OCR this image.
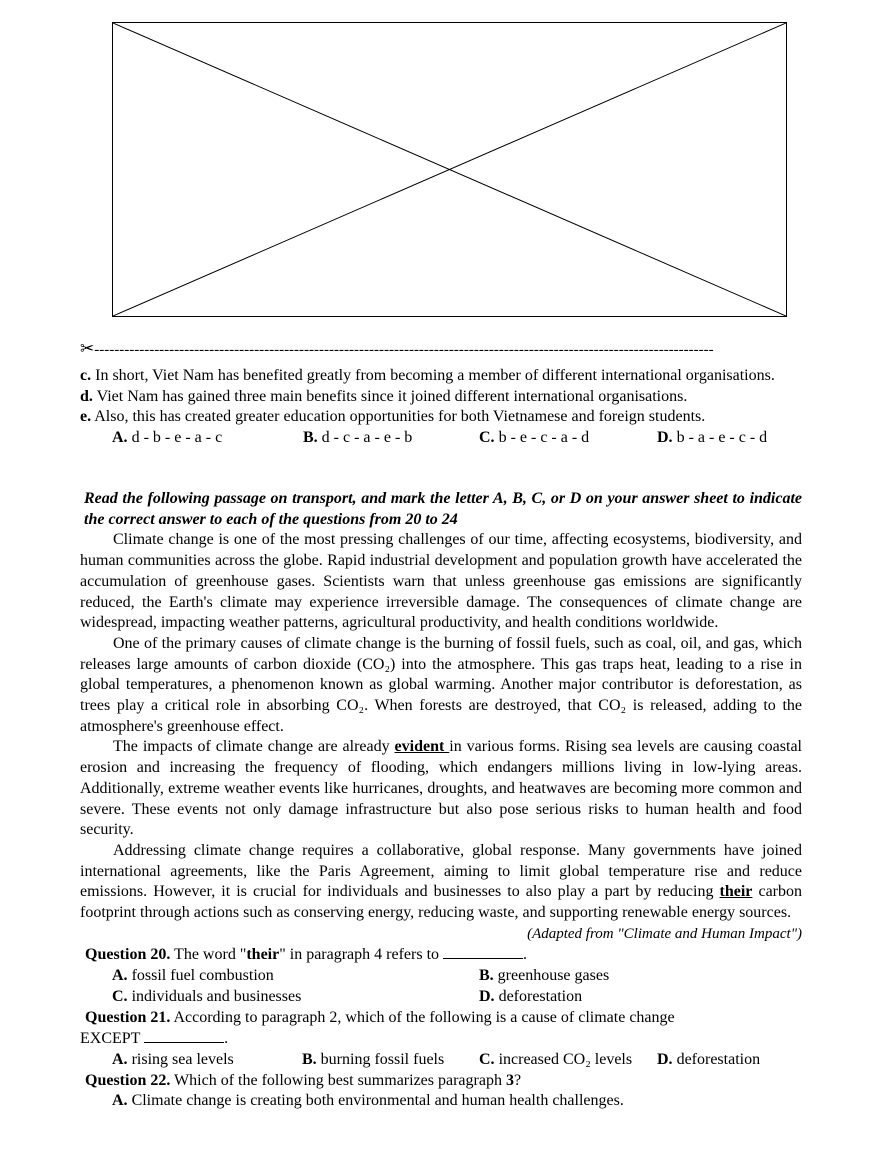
✂----------------------------------------------------------------------------------------------------------------------------

c. In short, Viet Nam has benefited greatly from becoming a member of different international organisations.

d. Viet Nam has gained three main benefits since it joined different international organisations.

e. Also, this has created greater education opportunities for both Vietnamese and foreign students.

A. d - b - e - a - c	B. d - c - a - e - b	C. b - e - c - a - d	D. b - a - e - c - d

Read the following passage on transport, and mark the letter A, B, C, or D on your answer sheet to indicate the correct answer to each of the questions from 20 to 24

Climate change is one of the most pressing challenges of our time, affecting ecosystems, biodiversity, and human communities across the globe. Rapid industrial development and population growth have accelerated the accumulation of greenhouse gases. Scientists warn that unless greenhouse gas emissions are significantly reduced, the Earth's climate may experience irreversible damage. The consequences of climate change are widespread, impacting weather patterns, agricultural productivity, and health conditions worldwide.

One of the primary causes of climate change is the burning of fossil fuels, such as coal, oil, and gas, which releases large amounts of carbon dioxide (CO₂) into the atmosphere. This gas traps heat, leading to a rise in global temperatures, a phenomenon known as global warming. Another major contributor is deforestation, as trees play a critical role in absorbing CO₂. When forests are destroyed, that CO₂ is released, adding to the atmosphere's greenhouse effect.

The impacts of climate change are already evident in various forms. Rising sea levels are causing coastal erosion and increasing the frequency of flooding, which endangers millions living in low-lying areas. Additionally, extreme weather events like hurricanes, droughts, and heatwaves are becoming more common and severe. These events not only damage infrastructure but also pose serious risks to human health and food security.

Addressing climate change requires a collaborative, global response. Many governments have joined international agreements, like the Paris Agreement, aiming to limit global temperature rise and reduce emissions. However, it is crucial for individuals and businesses to also play a part by reducing their carbon footprint through actions such as conserving energy, reducing waste, and supporting renewable energy sources.

(Adapted from "Climate and Human Impact")

Question 20. The word "their" in paragraph 4 refers to	.

A. fossil fuel combustion	B. greenhouse gases
C. individuals and businesses	D. deforestation

Question 21. According to paragraph 2, which of the following is a cause of climate change

EXCEPT	.

A. rising sea levels	B. burning fossil fuels C. increased CO₂ levels D. deforestation

Question 22. Which of the following best summarizes paragraph 3?

A. Climate change is creating both environmental and human health challenges.
